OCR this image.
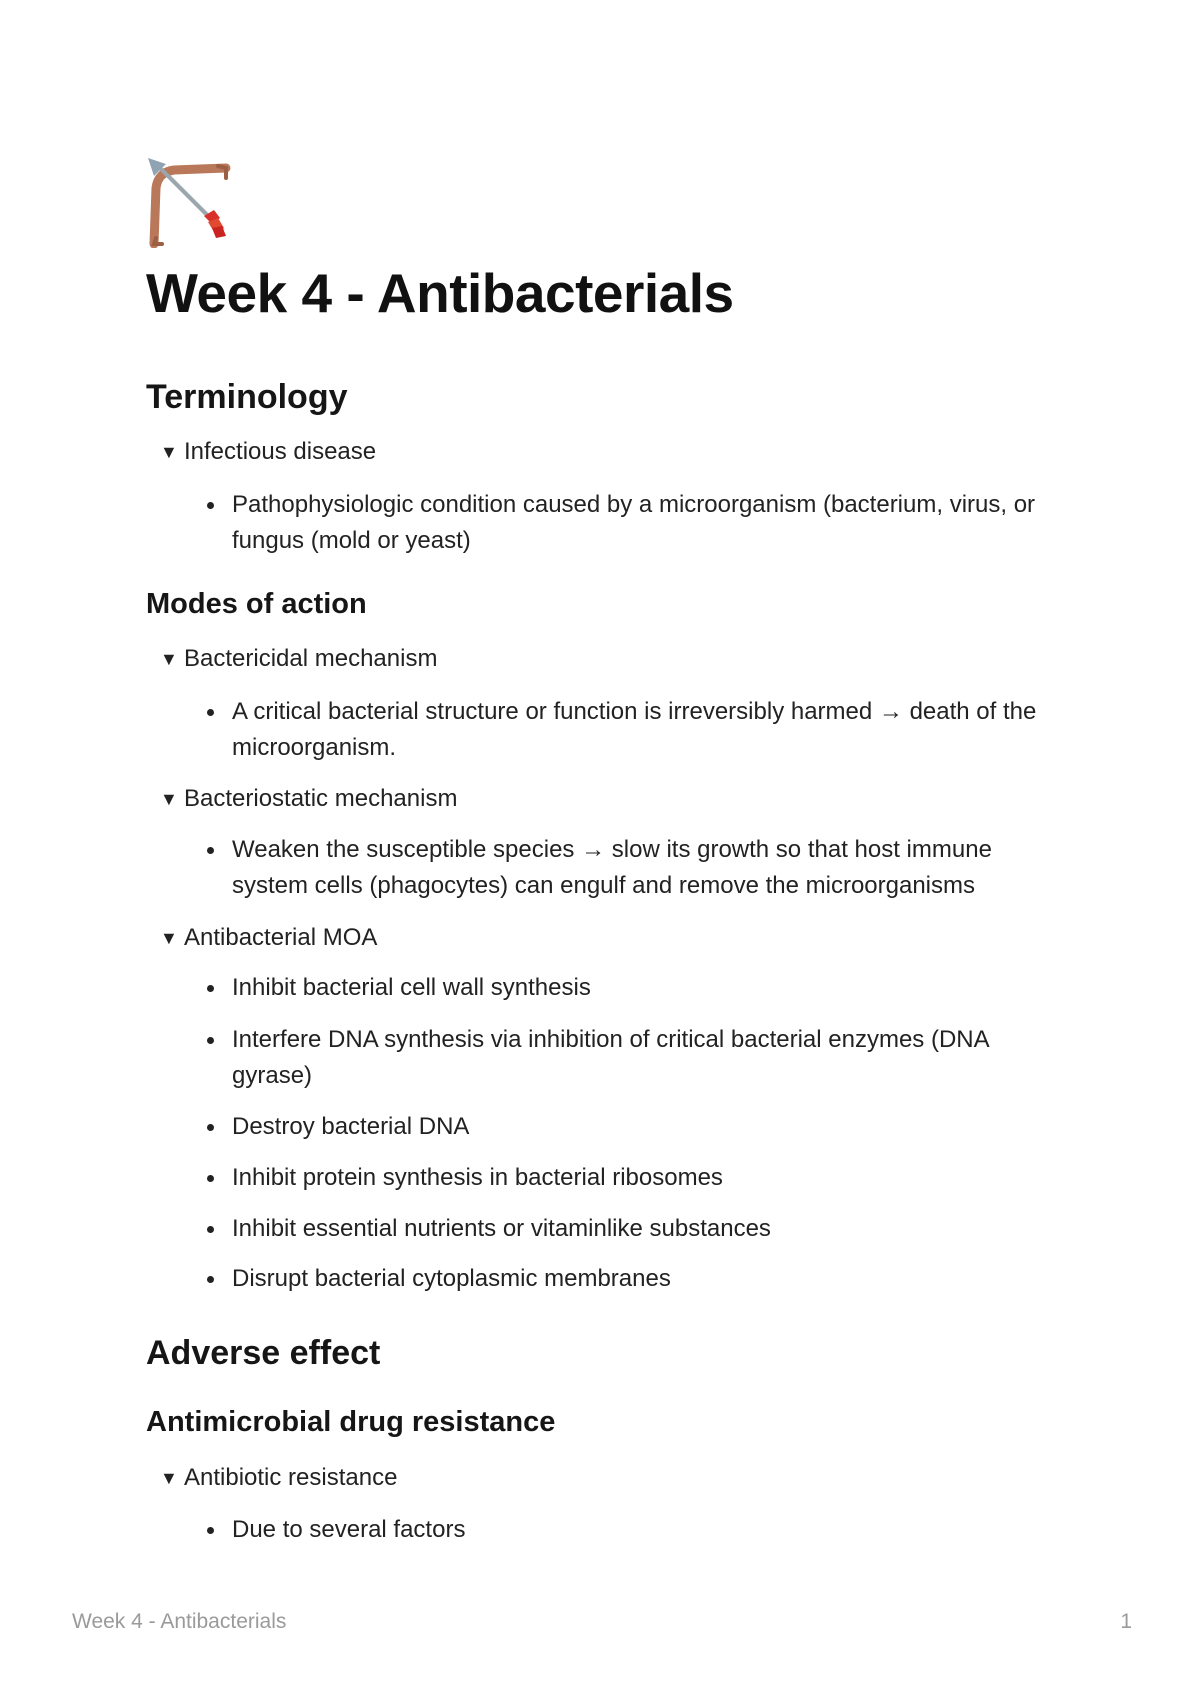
Week 4 - Antibacterials
Terminology
▼ Infectious disease
Pathophysiologic condition caused by a microorganism (bacterium, virus, or fungus (mold or yeast)
Modes of action
▼ Bactericidal mechanism
A critical bacterial structure or function is irreversibly harmed → death of the microorganism.
▼ Bacteriostatic mechanism
Weaken the susceptible species → slow its growth so that host immune system cells (phagocytes) can engulf and remove the microorganisms
▼ Antibacterial MOA
Inhibit bacterial cell wall synthesis
Interfere DNA synthesis via inhibition of critical bacterial enzymes (DNA gyrase)
Destroy bacterial DNA
Inhibit protein synthesis in bacterial ribosomes
Inhibit essential nutrients or vitaminlike substances
Disrupt bacterial cytoplasmic membranes
Adverse effect
Antimicrobial drug resistance
▼ Antibiotic resistance
Due to several factors
Week 4 - Antibacterials	1
